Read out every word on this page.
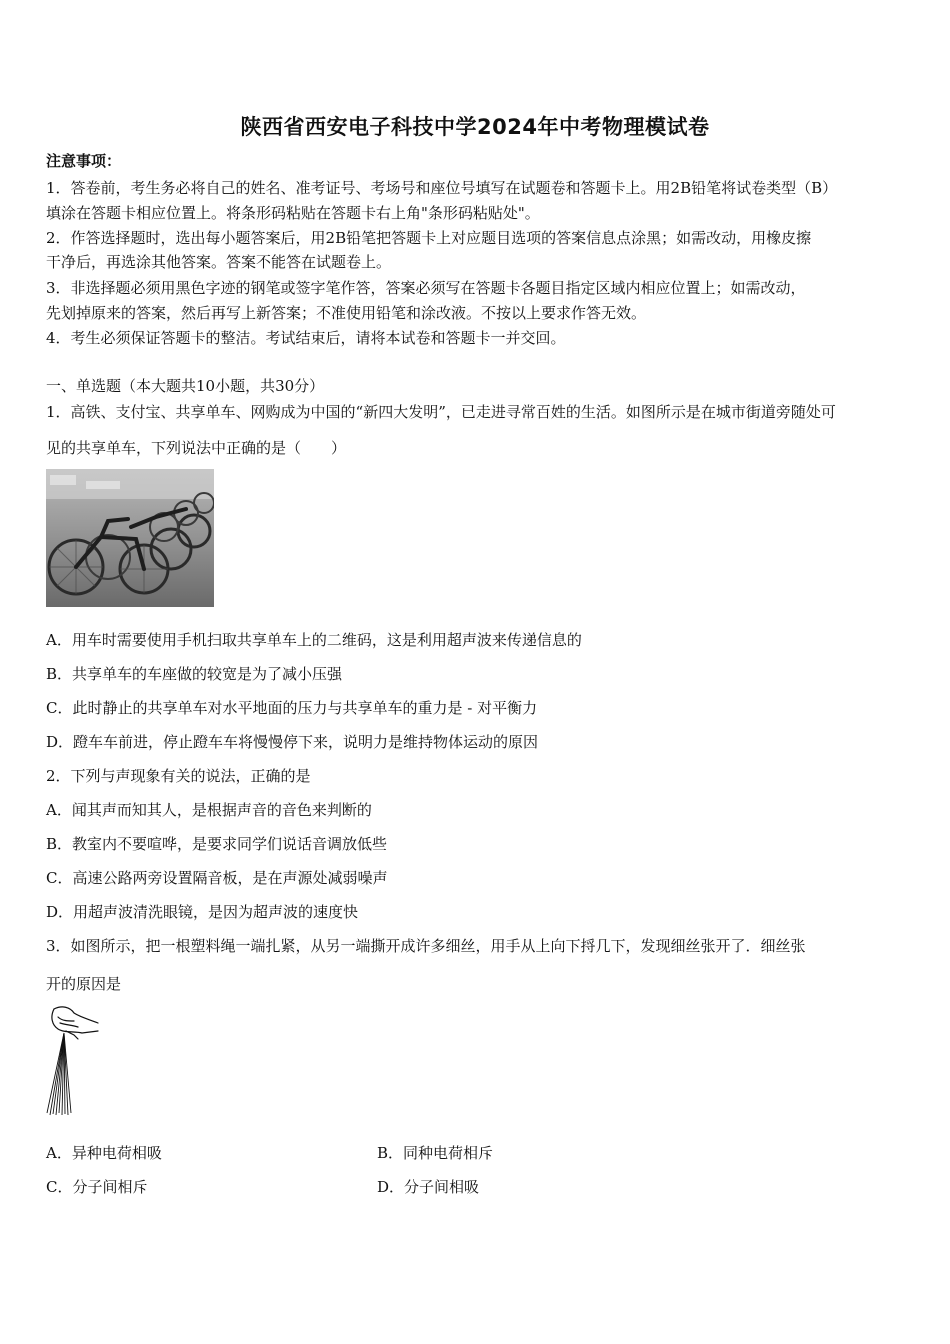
陕西省西安电子科技中学2024年中考物理模试卷
注意事项：
1．答卷前，考生务必将自己的姓名、准考证号、考场号和座位号填写在试题卷和答题卡上。用2B铅笔将试卷类型（B）
填涂在答题卡相应位置上。将条形码粘贴在答题卡右上角"条形码粘贴处"。
2．作答选择题时，选出每小题答案后，用2B铅笔把答题卡上对应题目选项的答案信息点涂黑；如需改动，用橡皮擦
干净后，再选涂其他答案。答案不能答在试题卷上。
3．非选择题必须用黑色字迹的钢笔或签字笔作答，答案必须写在答题卡各题目指定区域内相应位置上；如需改动，
先划掉原来的答案，然后再写上新答案；不准使用铅笔和涂改液。不按以上要求作答无效。
4．考生必须保证答题卡的整洁。考试结束后，请将本试卷和答题卡一并交回。
一、单选题（本大题共10小题，共30分）
1．高铁、支付宝、共享单车、网购成为中国的“新四大发明”，已走进寻常百姓的生活。如图所示是在城市街道旁随处可
见的共享单车，下列说法中正确的是（　　）
A．用车时需要使用手机扫取共享单车上的二维码，这是利用超声波来传递信息的
B．共享单车的车座做的较宽是为了减小压强
C．此时静止的共享单车对水平地面的压力与共享单车的重力是 - 对平衡力
D．蹬车车前进，停止蹬车车将慢慢停下来，说明力是维持物体运动的原因
2．下列与声现象有关的说法，正确的是
A．闻其声而知其人，是根据声音的音色来判断的
B．教室内不要喧哗，是要求同学们说话音调放低些
C．高速公路两旁设置隔音板，是在声源处减弱噪声
D．用超声波清洗眼镜，是因为超声波的速度快
3．如图所示，把一根塑料绳一端扎紧，从另一端撕开成许多细丝，用手从上向下捋几下，发现细丝张开了．细丝张
开的原因是
A．异种电荷相吸	B．同种电荷相斥
C．分子间相斥	D．分子间相吸
